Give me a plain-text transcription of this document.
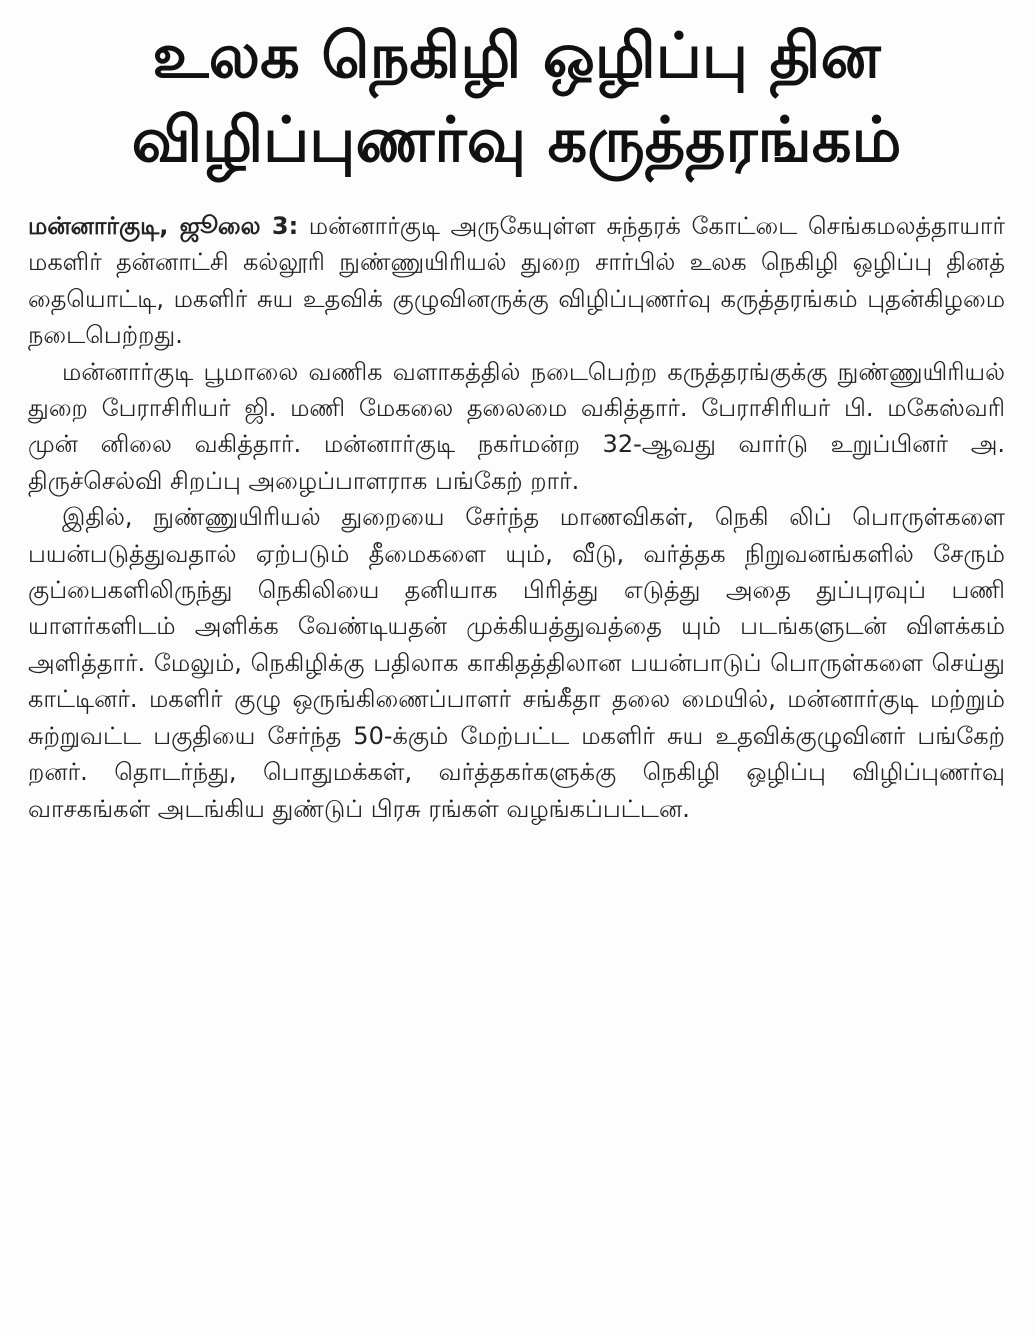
உலக நெகிழி ஒழிப்பு தின
விழிப்புணர்வு கருத்தரங்கம்

மன்னார்குடி, ஜூலை 3: மன்னார்குடி அருகேயுள்ள சுந்தரக் கோட்டை செங்கமலத்தாயார் மகளிர் தன்னாட்சி கல்லூரி நுண்ணுயிரியல் துறை சார்பில் உலக நெகிழி ஒழிப்பு தினத் தையொட்டி, மகளிர் சுய உதவிக் குழுவினருக்கு விழிப்புணர்வு கருத்தரங்கம் புதன்கிழமை நடைபெற்றது.

மன்னார்குடி பூமாலை வணிக வளாகத்தில் நடைபெற்ற கருத்தரங்குக்கு நுண்ணுயிரியல் துறை பேராசிரியர் ஜி. மணி மேகலை தலைமை வகித்தார். பேராசிரியர் பி. மகேஸ்வரி முன் னிலை வகித்தார். மன்னார்குடி நகர்மன்ற 32-ஆவது வார்டு உறுப்பினர் அ. திருச்செல்வி சிறப்பு அழைப்பாளராக பங்கேற் றார்.

இதில், நுண்ணுயிரியல் துறையை சேர்ந்த மாணவிகள், நெகி லிப் பொருள்களை பயன்படுத்துவதால் ஏற்படும் தீமைகளை யும், வீடு, வர்த்தக நிறுவனங்களில் சேரும் குப்பைகளிலிருந்து நெகிலியை தனியாக பிரித்து எடுத்து அதை துப்புரவுப் பணி யாளர்களிடம் அளிக்க வேண்டியதன் முக்கியத்துவத்தை யும் படங்களுடன் விளக்கம் அளித்தார். மேலும், நெகிழிக்கு பதிலாக காகிதத்திலான பயன்பாடுப் பொருள்களை செய்து காட்டினர். மகளிர் குழு ஒருங்கிணைப்பாளர் சங்கீதா தலை மையில், மன்னார்குடி மற்றும் சுற்றுவட்ட பகுதியை சேர்ந்த 50-க்கும் மேற்பட்ட மகளிர் சுய உதவிக்குழுவினர் பங்கேற் றனர். தொடர்ந்து, பொதுமக்கள், வர்த்தகர்களுக்கு நெகிழி ஒழிப்பு விழிப்புணர்வு வாசகங்கள் அடங்கிய துண்டுப் பிரசு ரங்கள் வழங்கப்பட்டன.
